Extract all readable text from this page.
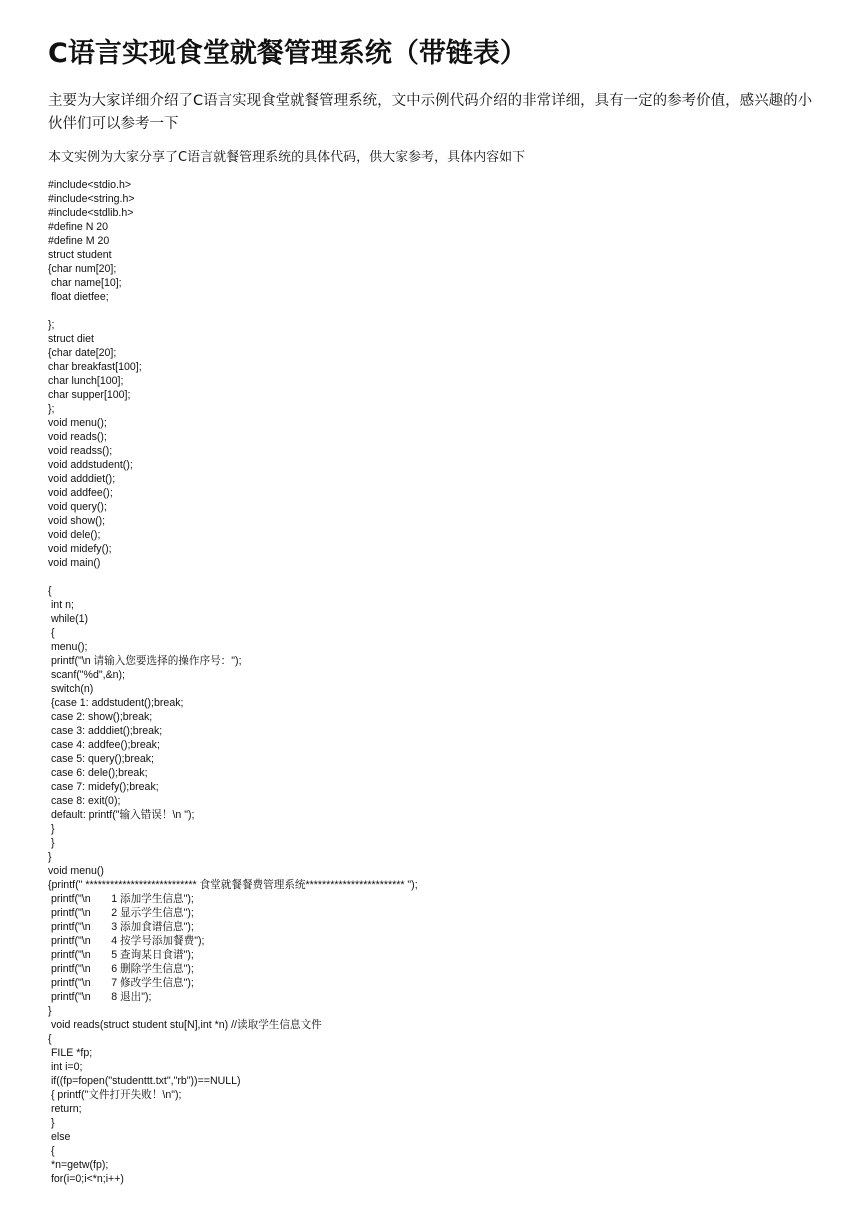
C语言实现食堂就餐管理系统（带链表）

主要为大家详细介绍了C语言实现食堂就餐管理系统，文中示例代码介绍的非常详细，具有一定的参考价值，感兴趣的小伙伴们可以参考一下

本文实例为大家分享了C语言就餐管理系统的具体代码，供大家参考，具体内容如下

#include<stdio.h>
#include<string.h>
#include<stdlib.h>
#define N 20
#define M 20
struct student
{char num[20];
char name[10];
float dietfee;
};
struct diet
{char date[20];
char breakfast[100];
char lunch[100];
char supper[100];
};
void menu();
void reads();
void readss();
void addstudent();
void adddiet();
void addfee();
void query();
void show();
void dele();
void midefy();
void main()
{
int n;
while(1)
{
menu();
printf("\n 请输入您要选择的操作序号：");
scanf("%d",&n);
switch(n)
{case 1: addstudent();break;
case 2: show();break;
case 3: adddiet();break;
case 4: addfee();break;
case 5: query();break;
case 6: dele();break;
case 7: midefy();break;
case 8: exit(0);
default: printf("输入错误！\n ");
}
}
}
void menu()
{printf(" *************************** 食堂就餐餐费管理系统************************ ");
printf("\n       1 添加学生信息");
printf("\n       2 显示学生信息");
printf("\n       3 添加食谱信息");
printf("\n       4 按学号添加餐费");
printf("\n       5 查询某日食谱");
printf("\n       6 删除学生信息");
printf("\n       7 修改学生信息");
printf("\n       8 退出");
}
void reads(struct student stu[N],int *n) //读取学生信息文件
{
FILE *fp;
int i=0;
if((fp=fopen("studenttt.txt","rb"))==NULL)
{ printf("文件打开失败！\n");
return;
}
else
{
*n=getw(fp);
for(i=0;i<*n;i++)
